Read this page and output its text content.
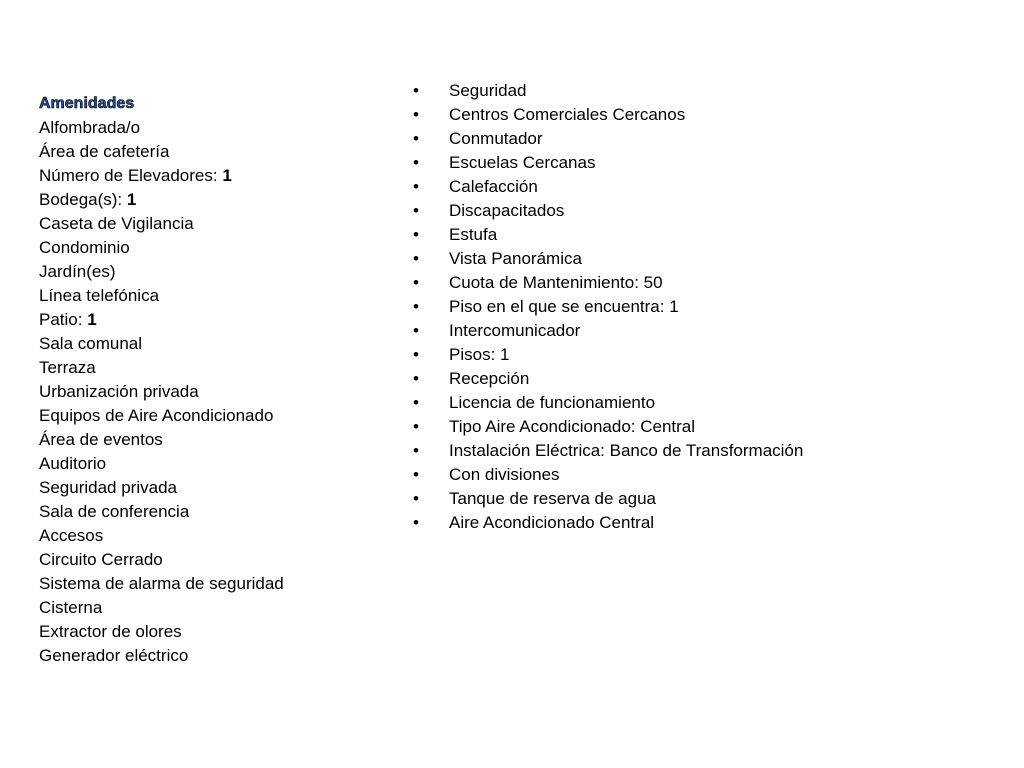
Amenidades
Alfombrada/o
Área de cafetería
Número de Elevadores: 1
Bodega(s): 1
Caseta de Vigilancia
Condominio
Jardín(es)
Línea telefónica
Patio: 1
Sala comunal
Terraza
Urbanización privada
Equipos de Aire Acondicionado
Área de eventos
Auditorio
Seguridad privada
Sala de conferencia
Accesos
Circuito Cerrado
Sistema de alarma de seguridad
Cisterna
Extractor de olores
Generador eléctrico
• Seguridad
• Centros Comerciales Cercanos
• Conmutador
• Escuelas Cercanas
• Calefacción
• Discapacitados
• Estufa
• Vista Panorámica
• Cuota de Mantenimiento: 50
• Piso en el que se encuentra: 1
• Intercomunicador
• Pisos: 1
• Recepción
• Licencia de funcionamiento
• Tipo Aire Acondicionado: Central
• Instalación Eléctrica: Banco de Transformación
• Con divisiones
• Tanque de reserva de agua
• Aire Acondicionado Central
